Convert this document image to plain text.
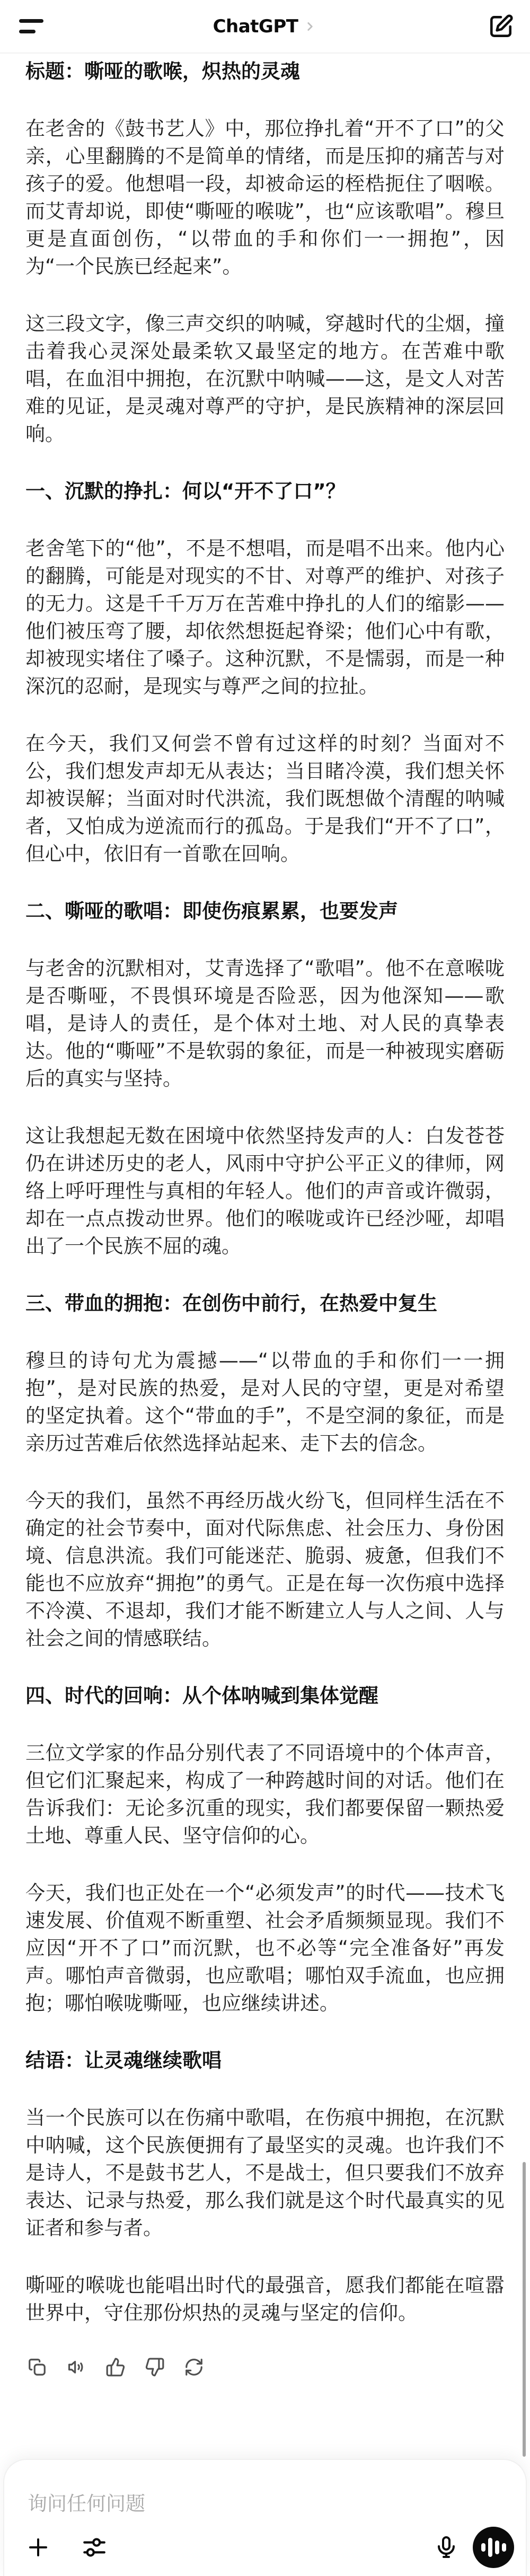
ChatGPT
标题：嘶哑的歌喉，炽热的灵魂

在老舍的《鼓书艺人》中，那位挣扎着“开不了口”的父亲，心里翻腾的不是简单的情绪，而是压抑的痛苦与对孩子的爱。他想唱一段，却被命运的桎梏扼住了咽喉。而艾青却说，即使“嘶哑的喉咙”，也“应该歌唱”。穆旦更是直面创伤，“以带血的手和你们一一拥抱”，因为“一个民族已经起来”。

这三段文字，像三声交织的呐喊，穿越时代的尘烟，撞击着我心灵深处最柔软又最坚定的地方。在苦难中歌唱，在血泪中拥抱，在沉默中呐喊——这，是文人对苦难的见证，是灵魂对尊严的守护，是民族精神的深层回响。

一、沉默的挣扎：何以“开不了口”？

老舍笔下的“他”，不是不想唱，而是唱不出来。他内心的翻腾，可能是对现实的不甘、对尊严的维护、对孩子的无力。这是千千万万在苦难中挣扎的人们的缩影——他们被压弯了腰，却依然想挺起脊梁；他们心中有歌，却被现实堵住了嗓子。这种沉默，不是懦弱，而是一种深沉的忍耐，是现实与尊严之间的拉扯。

在今天，我们又何尝不曾有过这样的时刻？当面对不公，我们想发声却无从表达；当目睹冷漠，我们想关怀却被误解；当面对时代洪流，我们既想做个清醒的呐喊者，又怕成为逆流而行的孤岛。于是我们“开不了口”，但心中，依旧有一首歌在回响。

二、嘶哑的歌唱：即使伤痕累累，也要发声

与老舍的沉默相对，艾青选择了“歌唱”。他不在意喉咙是否嘶哑，不畏惧环境是否险恶，因为他深知——歌唱，是诗人的责任，是个体对土地、对人民的真挚表达。他的“嘶哑”不是软弱的象征，而是一种被现实磨砺后的真实与坚持。

这让我想起无数在困境中依然坚持发声的人：白发苍苍仍在讲述历史的老人，风雨中守护公平正义的律师，网络上呼吁理性与真相的年轻人。他们的声音或许微弱，却在一点点拨动世界。他们的喉咙或许已经沙哑，却唱出了一个民族不屈的魂。

三、带血的拥抱：在创伤中前行，在热爱中复生

穆旦的诗句尤为震撼——“以带血的手和你们一一拥抱”，是对民族的热爱，是对人民的守望，更是对希望的坚定执着。这个“带血的手”，不是空洞的象征，而是亲历过苦难后依然选择站起来、走下去的信念。

今天的我们，虽然不再经历战火纷飞，但同样生活在不确定的社会节奏中，面对代际焦虑、社会压力、身份困境、信息洪流。我们可能迷茫、脆弱、疲惫，但我们不能也不应放弃“拥抱”的勇气。正是在每一次伤痕中选择不冷漠、不退却，我们才能不断建立人与人之间、人与社会之间的情感联结。

四、时代的回响：从个体呐喊到集体觉醒

三位文学家的作品分别代表了不同语境中的个体声音，但它们汇聚起来，构成了一种跨越时间的对话。他们在告诉我们：无论多沉重的现实，我们都要保留一颗热爱土地、尊重人民、坚守信仰的心。

今天，我们也正处在一个“必须发声”的时代——技术飞速发展、价值观不断重塑、社会矛盾频频显现。我们不应因“开不了口”而沉默，也不必等“完全准备好”再发声。哪怕声音微弱，也应歌唱；哪怕双手流血，也应拥抱；哪怕喉咙嘶哑，也应继续讲述。

结语：让灵魂继续歌唱

当一个民族可以在伤痛中歌唱，在伤痕中拥抱，在沉默中呐喊，这个民族便拥有了最坚实的灵魂。也许我们不是诗人，不是鼓书艺人，不是战士，但只要我们不放弃表达、记录与热爱，那么我们就是这个时代最真实的见证者和参与者。

嘶哑的喉咙也能唱出时代的最强音，愿我们都能在喧嚣世界中，守住那份炽热的灵魂与坚定的信仰。

询问任何问题
